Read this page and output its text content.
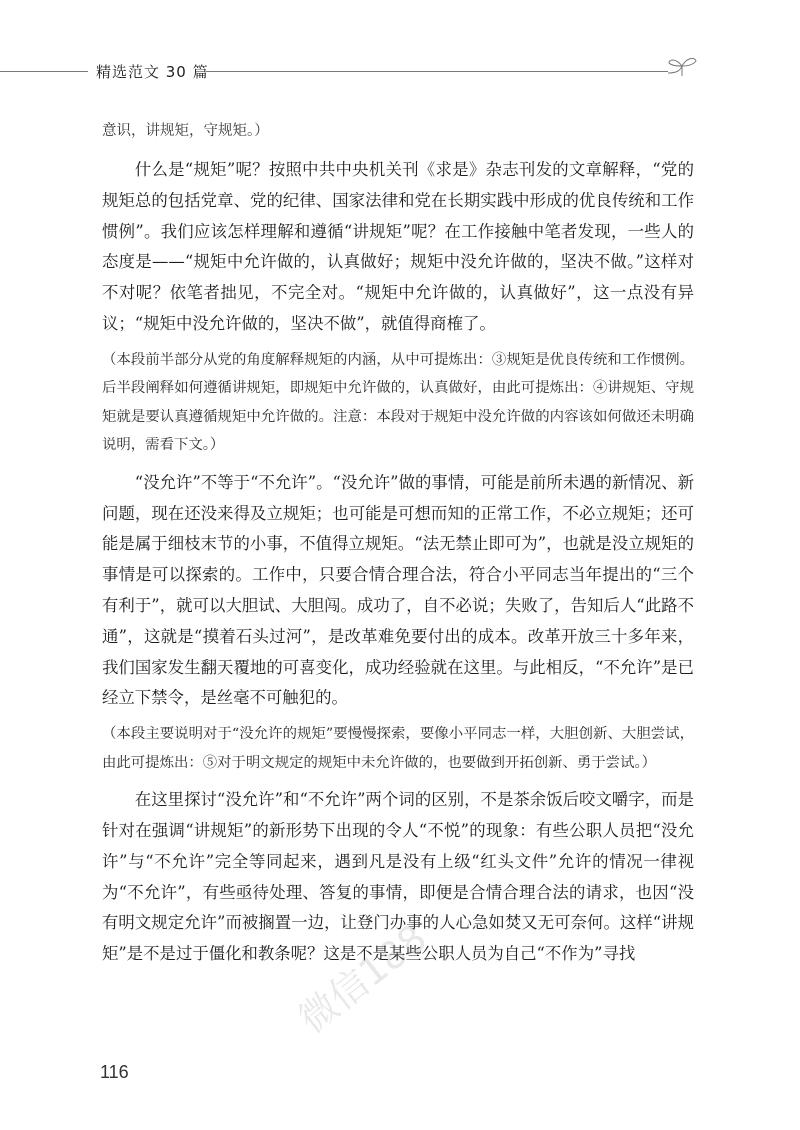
精选范文 30 篇

意识，讲规矩，守规矩。）

什么是“规矩”呢？按照中共中央机关刊《求是》杂志刊发的文章解释，“党的规矩总的包括党章、党的纪律、国家法律和党在长期实践中形成的优良传统和工作惯例”。我们应该怎样理解和遵循“讲规矩”呢？在工作接触中笔者发现，一些人的态度是——“规矩中允许做的，认真做好；规矩中没允许做的，坚决不做。”这样对不对呢？依笔者拙见，不完全对。“规矩中允许做的，认真做好”，这一点没有异议；“规矩中没允许做的，坚决不做”，就值得商榷了。

（本段前半部分从党的角度解释规矩的内涵，从中可提炼出：③规矩是优良传统和工作惯例。后半段阐释如何遵循讲规矩，即规矩中允许做的，认真做好，由此可提炼出：④讲规矩、守规矩就是要认真遵循规矩中允许做的。注意：本段对于规矩中没允许做的内容该如何做还未明确说明，需看下文。）

“没允许”不等于“不允许”。“没允许”做的事情，可能是前所未遇的新情况、新问题，现在还没来得及立规矩；也可能是可想而知的正常工作，不必立规矩；还可能是属于细枝末节的小事，不值得立规矩。“法无禁止即可为”，也就是没立规矩的事情是可以探索的。工作中，只要合情合理合法，符合小平同志当年提出的“三个有利于”，就可以大胆试、大胆闯。成功了，自不必说；失败了，告知后人“此路不通”，这就是“摸着石头过河”，是改革难免要付出的成本。改革开放三十多年来，我们国家发生翻天覆地的可喜变化，成功经验就在这里。与此相反，“不允许”是已经立下禁令，是丝毫不可触犯的。

（本段主要说明对于“没允许的规矩”要慢慢探索，要像小平同志一样，大胆创新、大胆尝试，由此可提炼出：⑤对于明文规定的规矩中未允许做的，也要做到开拓创新、勇于尝试。）

在这里探讨“没允许”和“不允许”两个词的区别，不是茶余饭后咬文嚼字，而是针对在强调“讲规矩”的新形势下出现的令人“不悦”的现象：有些公职人员把“没允许”与“不允许”完全等同起来，遇到凡是没有上级“红头文件”允许的情况一律视为“不允许”，有些亟待处理、答复的事情，即便是合情合理合法的请求，也因“没有明文规定允许”而被搁置一边，让登门办事的人心急如焚又无可奈何。这样“讲规矩”是不是过于僵化和教条呢？这是不是某些公职人员为自己“不作为”寻找

116
微信188
